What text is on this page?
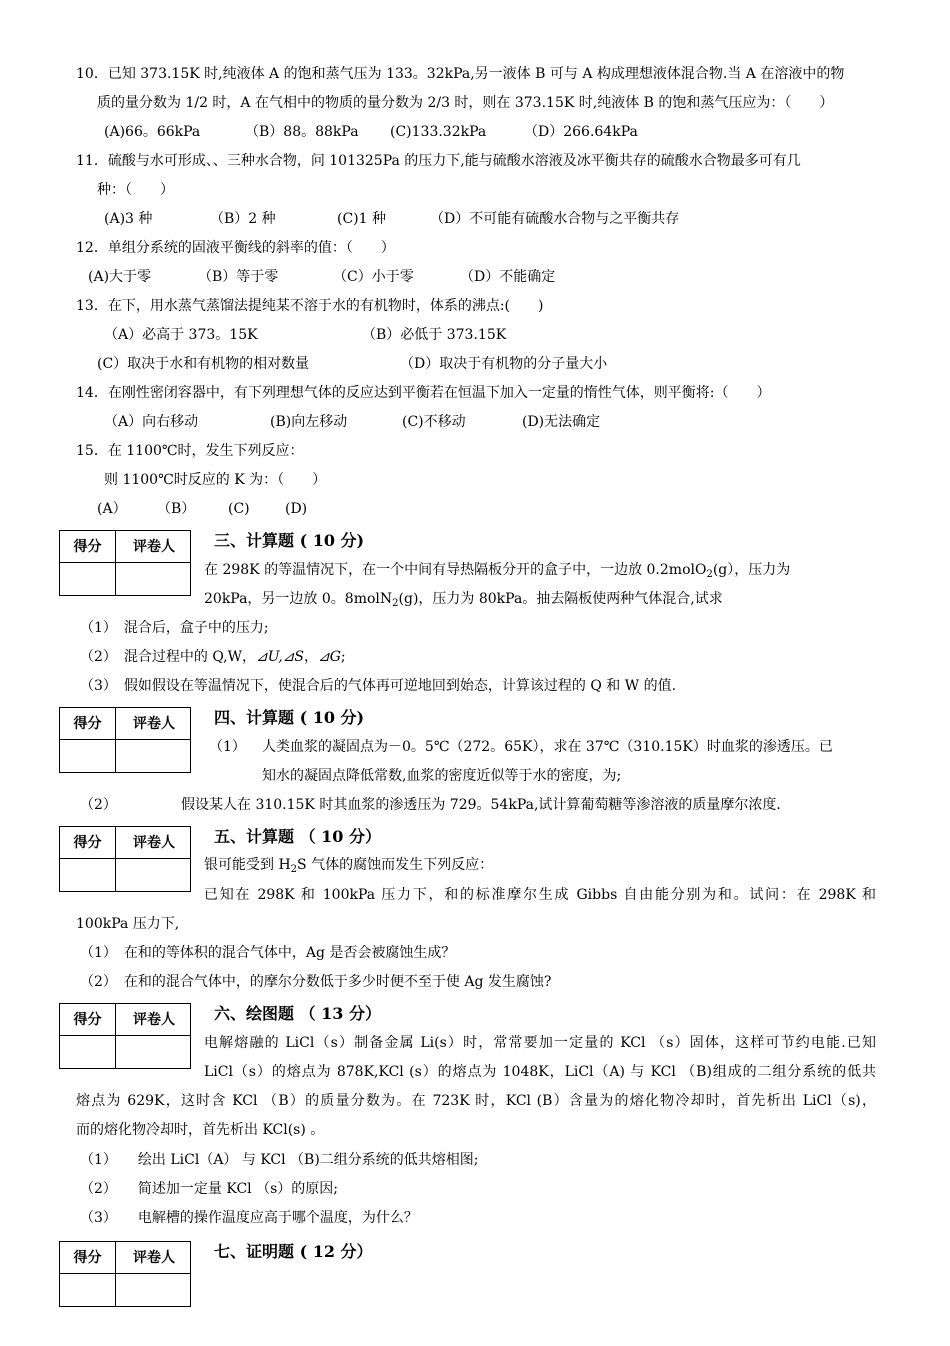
10．已知 373.15K 时,纯液体 A 的饱和蒸气压为 133。32kPa,另一液体 B 可与 A 构成理想液体混合物.当 A 在溶液中的物
质的量分数为 1/2 时，A 在气相中的物质的量分数为 2/3 时，则在 373.15K 时,纯液体 B 的饱和蒸气压应为：（　　）
(A)66。66kPa	（B）88。88kPa (C)133.32kPa	（D）266.64kPa
11．硫酸与水可形成、、三种水合物，问 101325Pa 的压力下,能与硫酸水溶液及冰平衡共存的硫酸水合物最多可有几
种：（　　）
(A)3 种	（B）2 种	(C)1 种	（D）不可能有硫酸水合物与之平衡共存
12．单组分系统的固液平衡线的斜率的值：（　　）
(A)大于零	（B）等于零	（C）小于零	（D）不能确定
13．在下，用水蒸气蒸馏法提纯某不溶于水的有机物时，体系的沸点:(　　)
（A）必高于 373。15K	（B）必低于 373.15K
(C）取决于水和有机物的相对数量	（D）取决于有机物的分子量大小
14．在刚性密闭容器中，有下列理想气体的反应达到平衡若在恒温下加入一定量的惰性气体，则平衡将:（　　）
（A）向右移动	(B)向左移动	(C)不移动	(D)无法确定
15．在 1100℃时，发生下列反应：
则 1100℃时反应的 K 为：（　　）
(A） （B） (C)	(D)
得分	评卷人	三、计算题 ( 10 分)
在 298K 的等温情况下，在一个中间有导热隔板分开的盒子中，一边放 0.2molO$_2$(g），压力为
20kPa，另一边放 0。8molN$_2$(g)，压力为 80kPa。抽去隔板使两种气体混合,试求
（1）　混合后，盒子中的压力;
（2）　混合过程中的 Q,W，⊿U,⊿S，⊿G;
（3）　假如假设在等温情况下，使混合后的气体再可逆地回到始态，计算该过程的 Q 和 W 的值.
得分	评卷人	四、计算题 ( 10 分)
（1） 人类血浆的凝固点为－0。5℃（272。65K），求在 37℃（310.15K）时血浆的渗透压。已
知水的凝固点降低常数,血浆的密度近似等于水的密度，为;
（2）	假设某人在 310.15K 时其血浆的渗透压为 729。54kPa,试计算葡萄糖等渗溶液的质量摩尔浓度.
得分	评卷人	五、计算题 （ 10 分）
银可能受到 $H_2S$ 气体的腐蚀而发生下列反应：
已知在 298K 和 100kPa 压力下，和的标准摩尔生成 Gibbs 自由能分别为和。试问：在 298K 和
100kPa 压力下,
（1）　在和的等体积的混合气体中，Ag 是否会被腐蚀生成？
（2）　在和的混合气体中，的摩尔分数低于多少时便不至于使 Ag 发生腐蚀?
得分	评卷人	六、绘图题 （ 13 分）
电解熔融的 LiCl（s）制备金属 Li(s）时，常常要加一定量的 KCl （s）固体，这样可节约电能.已知
LiCl（s）的熔点为 878K,KCl (s）的熔点为 1048K，LiCl（A) 与 KCl （B)组成的二组分系统的低共
熔点为 629K，这时含 KCl （B）的质量分数为。在 723K 时，KCl (B）含量为的熔化物冷却时，首先析出 LiCl（s)，
而的熔化物冷却时，首先析出 KCl(s) 。
（1）　　绘出 LiCl（A） 与 KCl （B)二组分系统的低共熔相图;
（2）　　简述加一定量 KCl （s）的原因;
（3）　　电解槽的操作温度应高于哪个温度，为什么？
得分	评卷人	七、证明题 ( 12 分）
